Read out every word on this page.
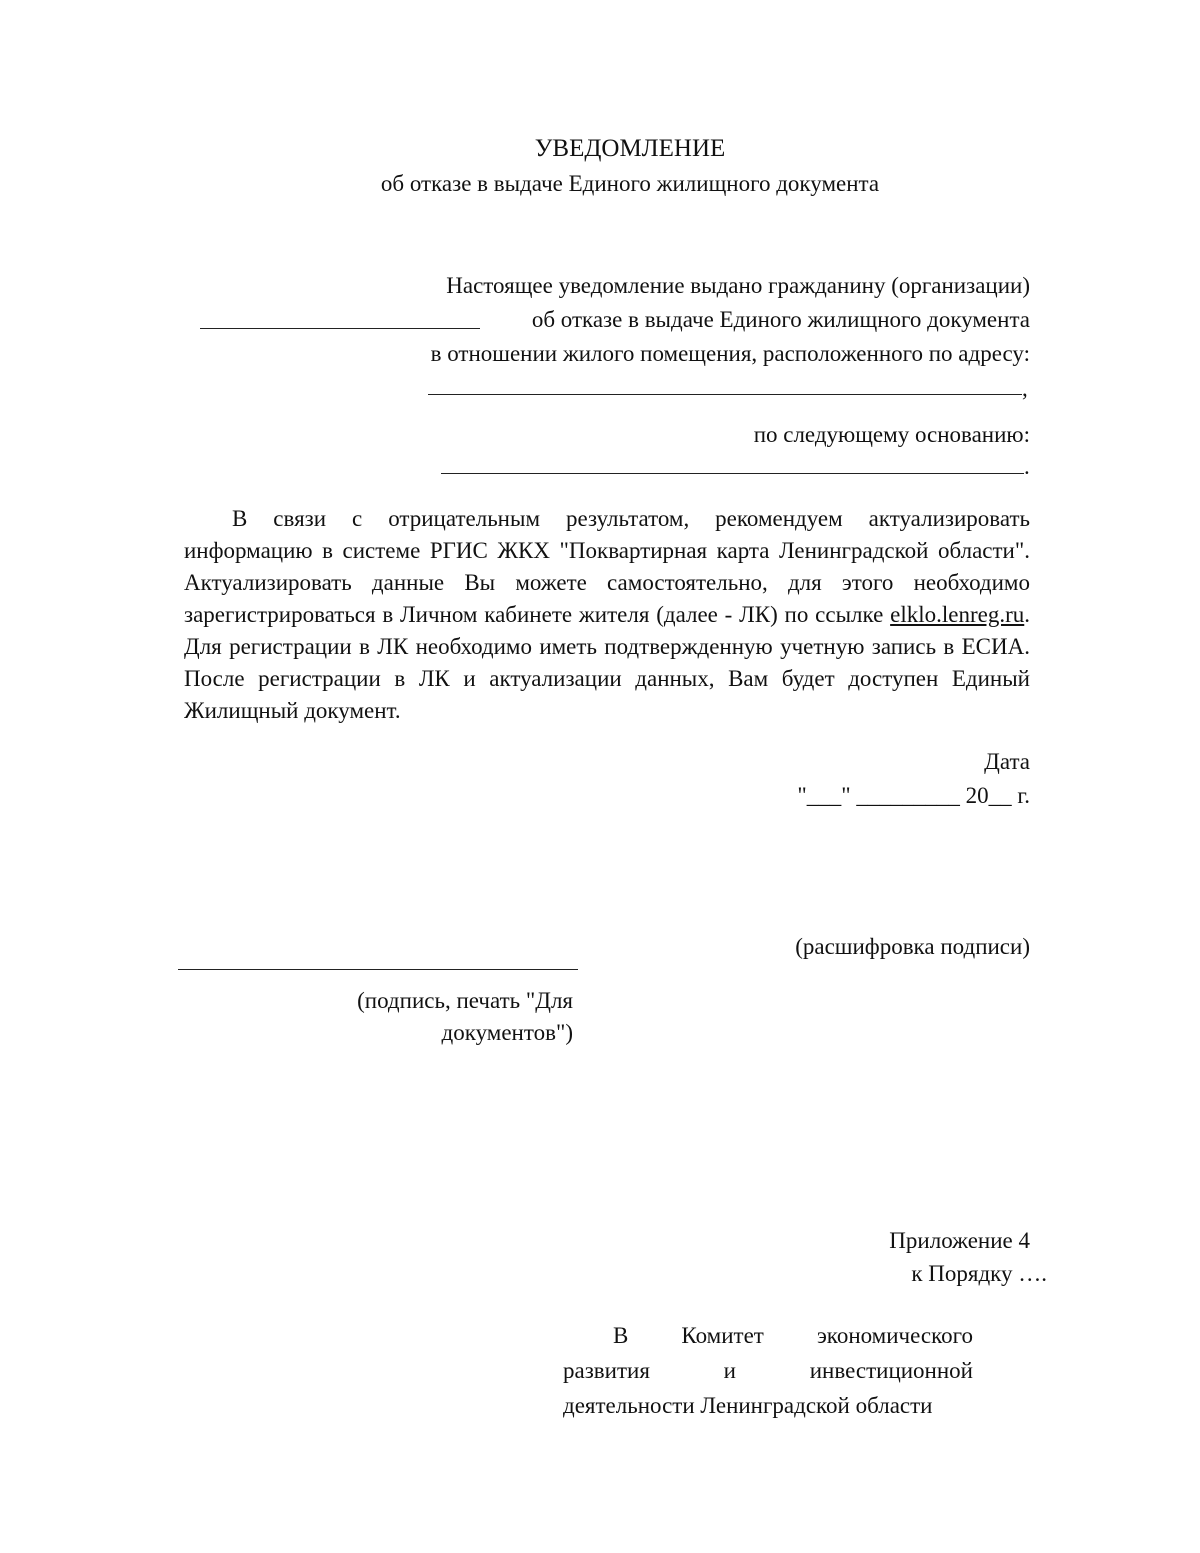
УВЕДОМЛЕНИЕ
об отказе в выдаче Единого жилищного документа
Настоящее уведомление выдано гражданину (организации)
об отказе в выдаче Единого жилищного документа
в отношении жилого помещения, расположенного по адресу:
,
по следующему основанию:
.

В связи с отрицательным результатом, рекомендуем актуализировать информацию в системе РГИС ЖКХ "Поквартирная карта Ленинградской области". Актуализировать данные Вы можете самостоятельно, для этого необходимо зарегистрироваться в Личном кабинете жителя (далее - ЛК) по ссылке elklo.lenreg.ru. Для регистрации в ЛК необходимо иметь подтвержденную учетную запись в ЕСИА. После регистрации в ЛК и актуализации данных, Вам будет доступен Единый Жилищный документ.

Дата
"___" _________ 20__ г.
(расшифровка подписи)
(подпись, печать "Для
документов")
Приложение 4
к Порядку ….
В Комитет экономического
развития	и	инвестиционной
деятельности Ленинградской области
